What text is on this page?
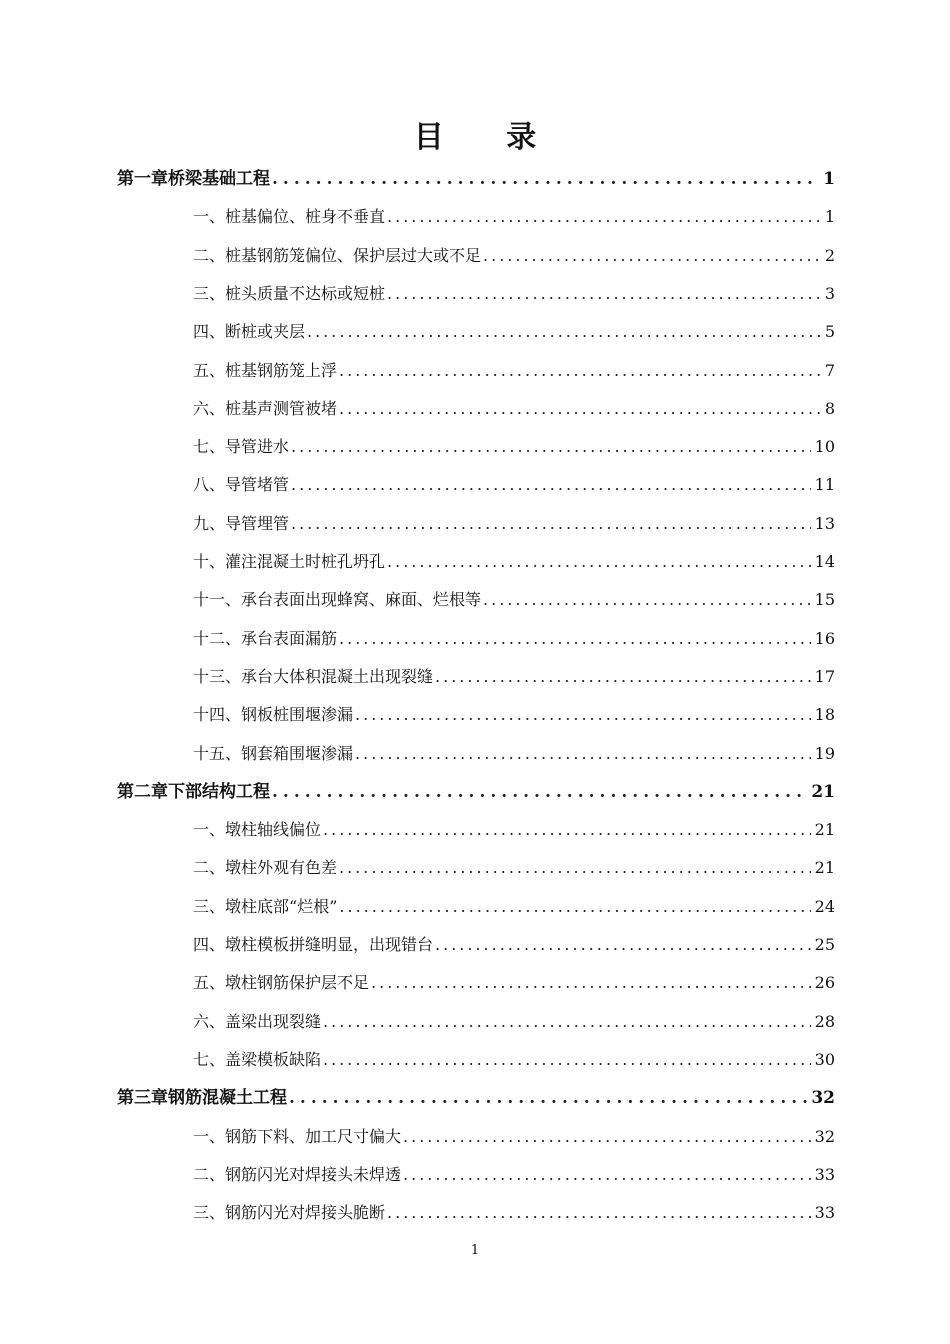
目 录
第一章 桥梁基础工程 .....	1
一、 桩基偏位、桩身不垂直 .....	1
二、 桩基钢筋笼偏位、保护层过大或不足 .....	2
三、 桩头质量不达标或短桩 .....	3
四、 断桩或夹层 .....	5
五、 桩基钢筋笼上浮 .....	7
六、 桩基声测管被堵 .....	8
七、 导管进水 .....	10
八、 导管堵管 .....	11
九、 导管埋管 .....	13
十、 灌注混凝土时桩孔坍孔 .....	14
十一、 承台表面出现蜂窝、麻面、烂根等 .....	15
十二、 承台表面漏筋 .....	16
十三、 承台大体积混凝土出现裂缝 .....	17
十四、 钢板桩围堰渗漏 .....	18
十五、 钢套箱围堰渗漏 .....	19
第二章 下部结构工程 .....	21
一、 墩柱轴线偏位 .....	21
二、 墩柱外观有色差 .....	21
三、 墩柱底部“烂根” .....	24
四、 墩柱模板拼缝明显，出现错台 .....	25
五、 墩柱钢筋保护层不足 .....	26
六、 盖梁出现裂缝 .....	28
七、 盖梁模板缺陷 .....	30
第三章 钢筋混凝土工程 .....	32
一、 钢筋下料、加工尺寸偏大 .....	32
二、 钢筋闪光对焊接头未焊透 .....	33
三、 钢筋闪光对焊接头脆断 .....	33
1
